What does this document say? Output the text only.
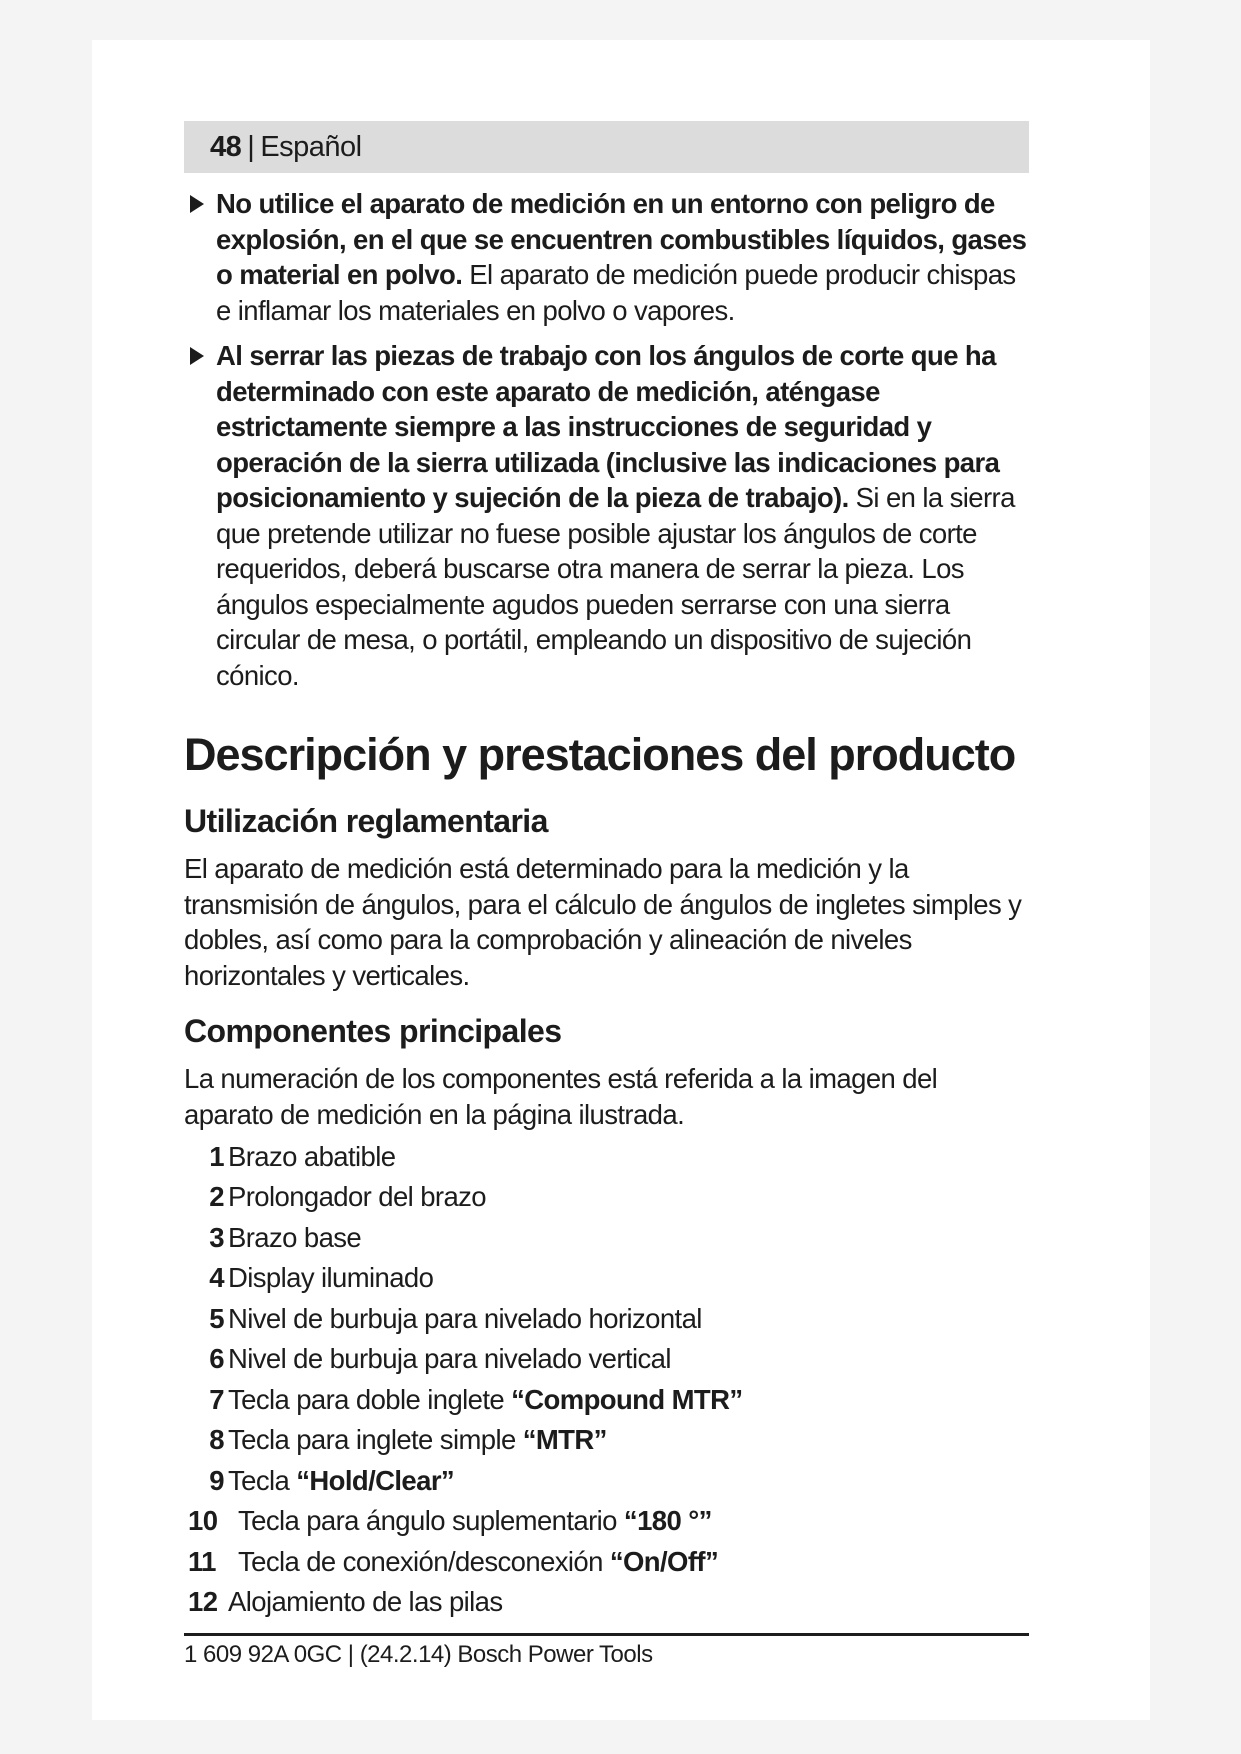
48 | Español
No utilice el aparato de medición en un entorno con peligro de explosión, en el que se encuentren combustibles líquidos, gases o material en polvo. El aparato de medición puede producir chispas e inflamar los materiales en polvo o vapores.
Al serrar las piezas de trabajo con los ángulos de corte que ha determinado con este aparato de medición, aténgase estrictamente siempre a las instrucciones de seguridad y operación de la sierra utilizada (inclusive las indicaciones para posicionamiento y sujeción de la pieza de trabajo). Si en la sierra que pretende utilizar no fuese posible ajustar los ángulos de corte requeridos, deberá buscarse otra manera de serrar la pieza. Los ángulos especialmente agudos pueden serrarse con una sierra circular de mesa, o portátil, empleando un dispositivo de sujeción cónico.
Descripción y prestaciones del producto
Utilización reglamentaria

El aparato de medición está determinado para la medición y la transmisión de ángulos, para el cálculo de ángulos de ingletes simples y dobles, así como para la comprobación y alineación de niveles horizontales y verticales.

Componentes principales

La numeración de los componentes está referida a la imagen del aparato de medición en la página ilustrada.

1 Brazo abatible
2 Prolongador del brazo
3 Brazo base
4 Display iluminado
5 Nivel de burbuja para nivelado horizontal
6 Nivel de burbuja para nivelado vertical
7 Tecla para doble inglete “Compound MTR”
8 Tecla para inglete simple “MTR”
9 Tecla “Hold/Clear”
10 Tecla para ángulo suplementario “180 °”
11 Tecla de conexión/desconexión “On/Off”
12 Alojamiento de las pilas
1 609 92A 0GC | (24.2.14) Bosch Power Tools
